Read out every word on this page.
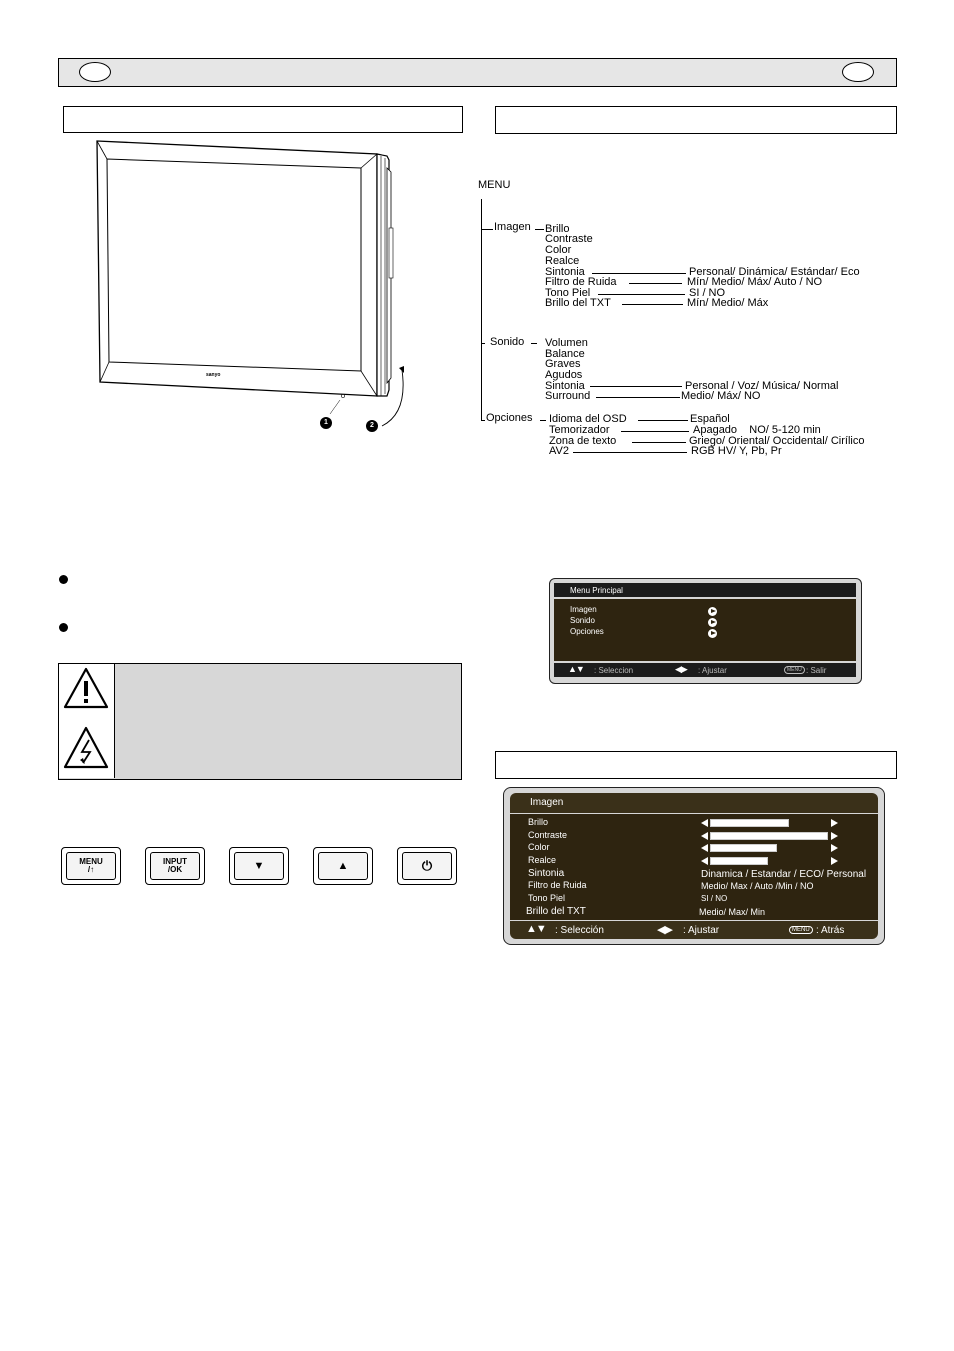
sanyo
1	2
MENU
/↑
INPUT
/OK	▼	▲	⏻
MENU
Imagen Brillo
Contraste
Color
Realce
Sintonia	Personal/ Dinámica/ Estándar/ Eco
Filtro de Ruida	Mín/ Medio/ Máx/ Auto / NO
Tono Piel	SI / NO
Brillo del TXT	Mín/ Medio/ Máx
Sonido Volumen
Balance
Graves
Agudos
Sintonia	Personal / Voz/ Música/ Normal
Surround	Medio/ Máx/ NO
Opciones Idioma del OSD	Español
Temorizador	Apagado    NO/ 5-120 min
Zona de texto	Griego/ Oriental/ Occidental/ Cirílico
AV2	RGB HV/ Y, Pb, Pr
Menu Principal
Imagen
Sonido
Opciones
▲▼ : Seleccion	◀▶ : Ajustar	MENU : Salir
Imagen
Brillo
Contraste
Color
Realce
Sintonia	Dinamica / Estandar / ECO/ Personal
Filtro de Ruida	Medio/ Max / Auto /Min / NO
Tono Piel	SI / NO
Brillo del TXT	Medio/ Max/ Min
▲▼ : Selección	◀▶ : Ajustar	MENU : Atrás
